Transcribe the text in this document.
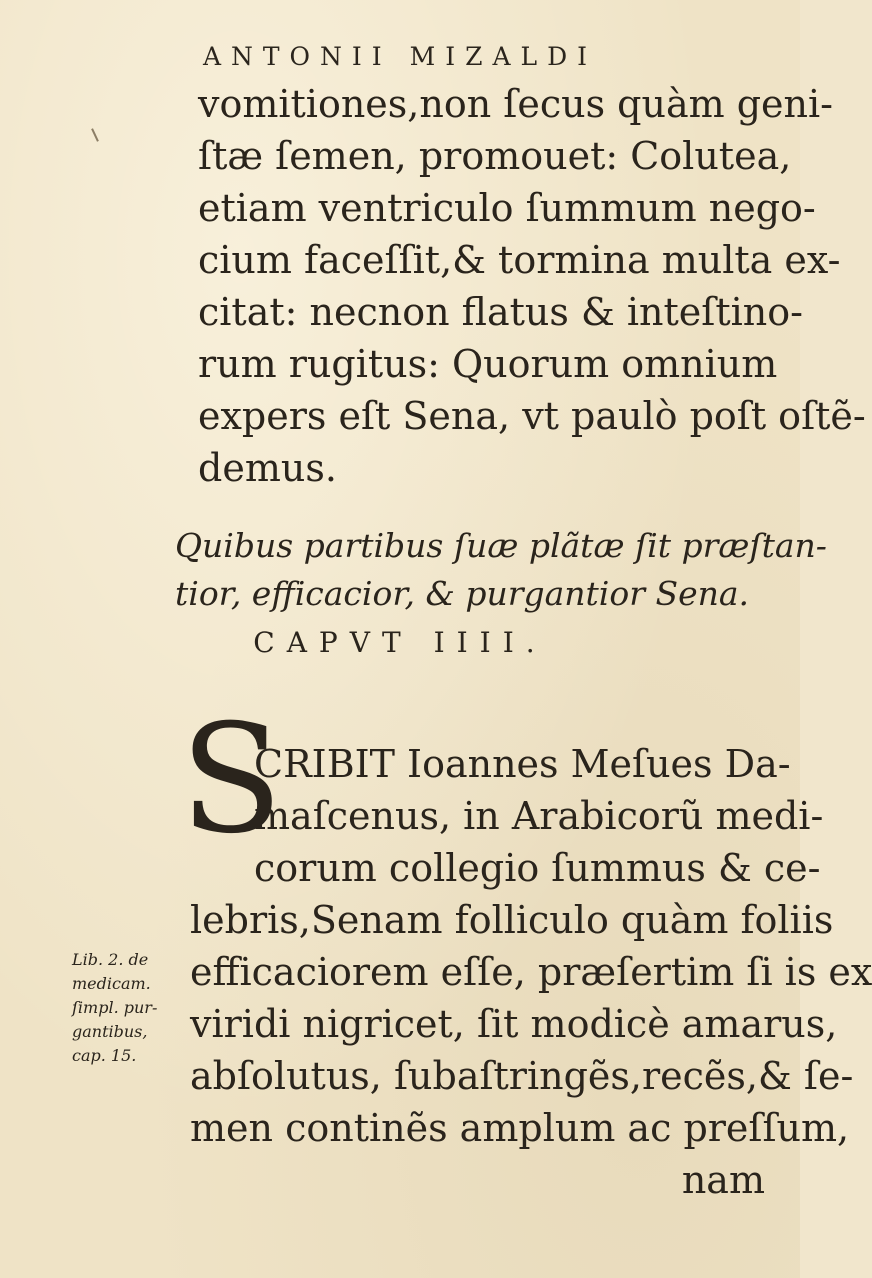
ANTONII MIZALDI
vomitiones,non ſecus quàm geni-
ſtæ ſemen, promouet: Colutea,
etiam ventriculo ſummum nego-
cium faceſſit,& tormina multa ex-
citat: necnon flatus & inteſtino-
rum rugitus: Quorum omnium
expers eſt Sena, vt paulò poſt oſtẽ-
demus.
Quibus partibus ſuæ plãtæ ſit præſtan-
tior, efficacior, & purgantior Sena.
CAPVT IIII.
S
CRIBIT Ioannes Meſues Da-
maſcenus, in Arabicorũ medi-
corum collegio ſummus & ce-
lebris,Senam folliculo quàm foliis
efficaciorem eſſe, præſertim ſi is ex
viridi nigricet, ſit modicè amarus,
abſolutus, ſubaſtringẽs,recẽs,& ſe-
men continẽs amplum ac preſſum,
nam
Lib. 2. de
medicam.
ſimpl. pur-
gantibus,
cap. 15.
